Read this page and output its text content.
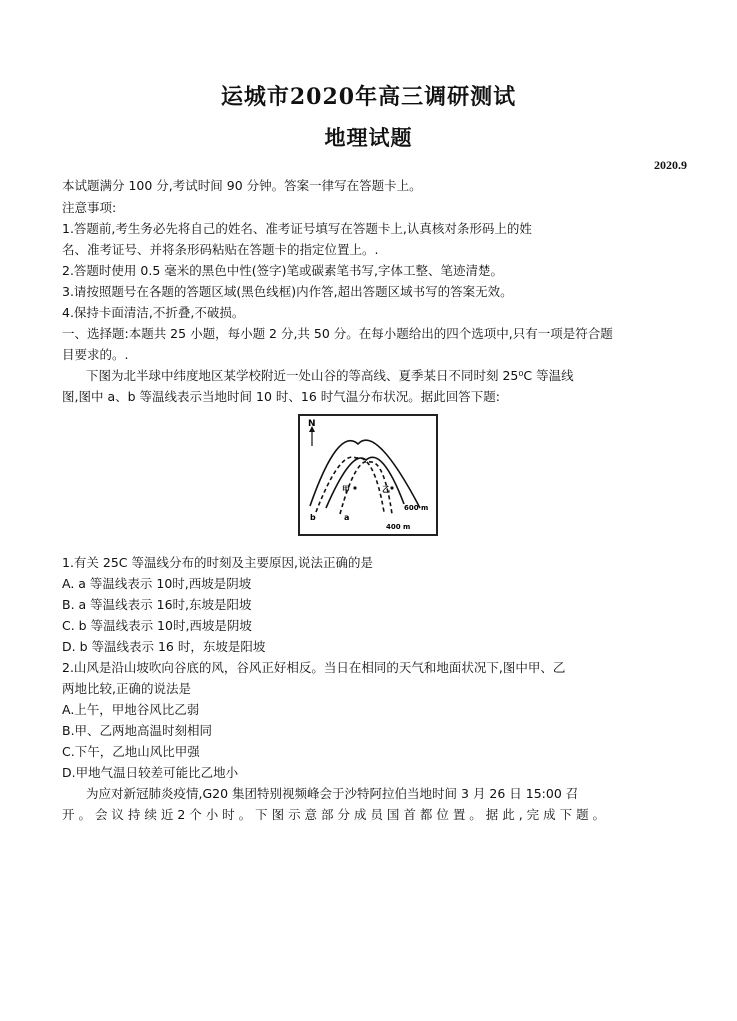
运城市2020年高三调研测试
地理试题
2020.9
本试题满分 100 分,考试时间 90 分钟。答案一律写在答题卡上。
注意事项:
1.答题前,考生务必先将自己的姓名、准考证号填写在答题卡上,认真核对条形码上的姓
名、准考证号、并将条形码粘贴在答题卡的指定位置上。.
2.答题时使用 0.5 毫米的黑色中性(签字)笔或碳素笔书写,字体工整、笔迹清楚。
3.请按照题号在各题的答题区域(黑色线框)内作答,超出答题区域书写的答案无效。
4.保持卡面清洁,不折叠,不破损。
一、选择题:本题共 25 小题，每小题 2 分,共 50 分。在每小题给出的四个选项中,只有一项是符合题
目要求的。.
下图为北半球中纬度地区某学校附近一处山谷的等高线、夏季某日不同时刻 25⁰C 等温线
图,图中 a、b 等温线表示当地时间 10 时、16 时气温分布状况。据此回答下题:
N
甲	乙
a
b
600 m
400 m
1.有关 25C 等温线分布的时刻及主要原因,说法正确的是
A. a 等温线表示 10时,西坡是阴坡
B. a 等温线表示 16时,东坡是阳坡
C. b 等温线表示 10时,西坡是阴坡
D. b 等温线表示 16 时，东坡是阳坡
2.山风是沿山坡吹向谷底的风，谷风正好相反。当日在相同的天气和地面状况下,图中甲、乙
两地比较,正确的说法是
A.上午，甲地谷风比乙弱
B.甲、乙两地高温时刻相同
C.下午，乙地山风比甲强
D.甲地气温日较差可能比乙地小
为应对新冠肺炎疫情,G20 集团特别视频峰会于沙特阿拉伯当地时间 3 月 26 日 15:00 召
开 。 会 议 持 续 近 2 个 小 时 。 下 图 示 意 部 分 成 员 国 首 都 位 置 。 据 此 , 完 成 下 题 。
